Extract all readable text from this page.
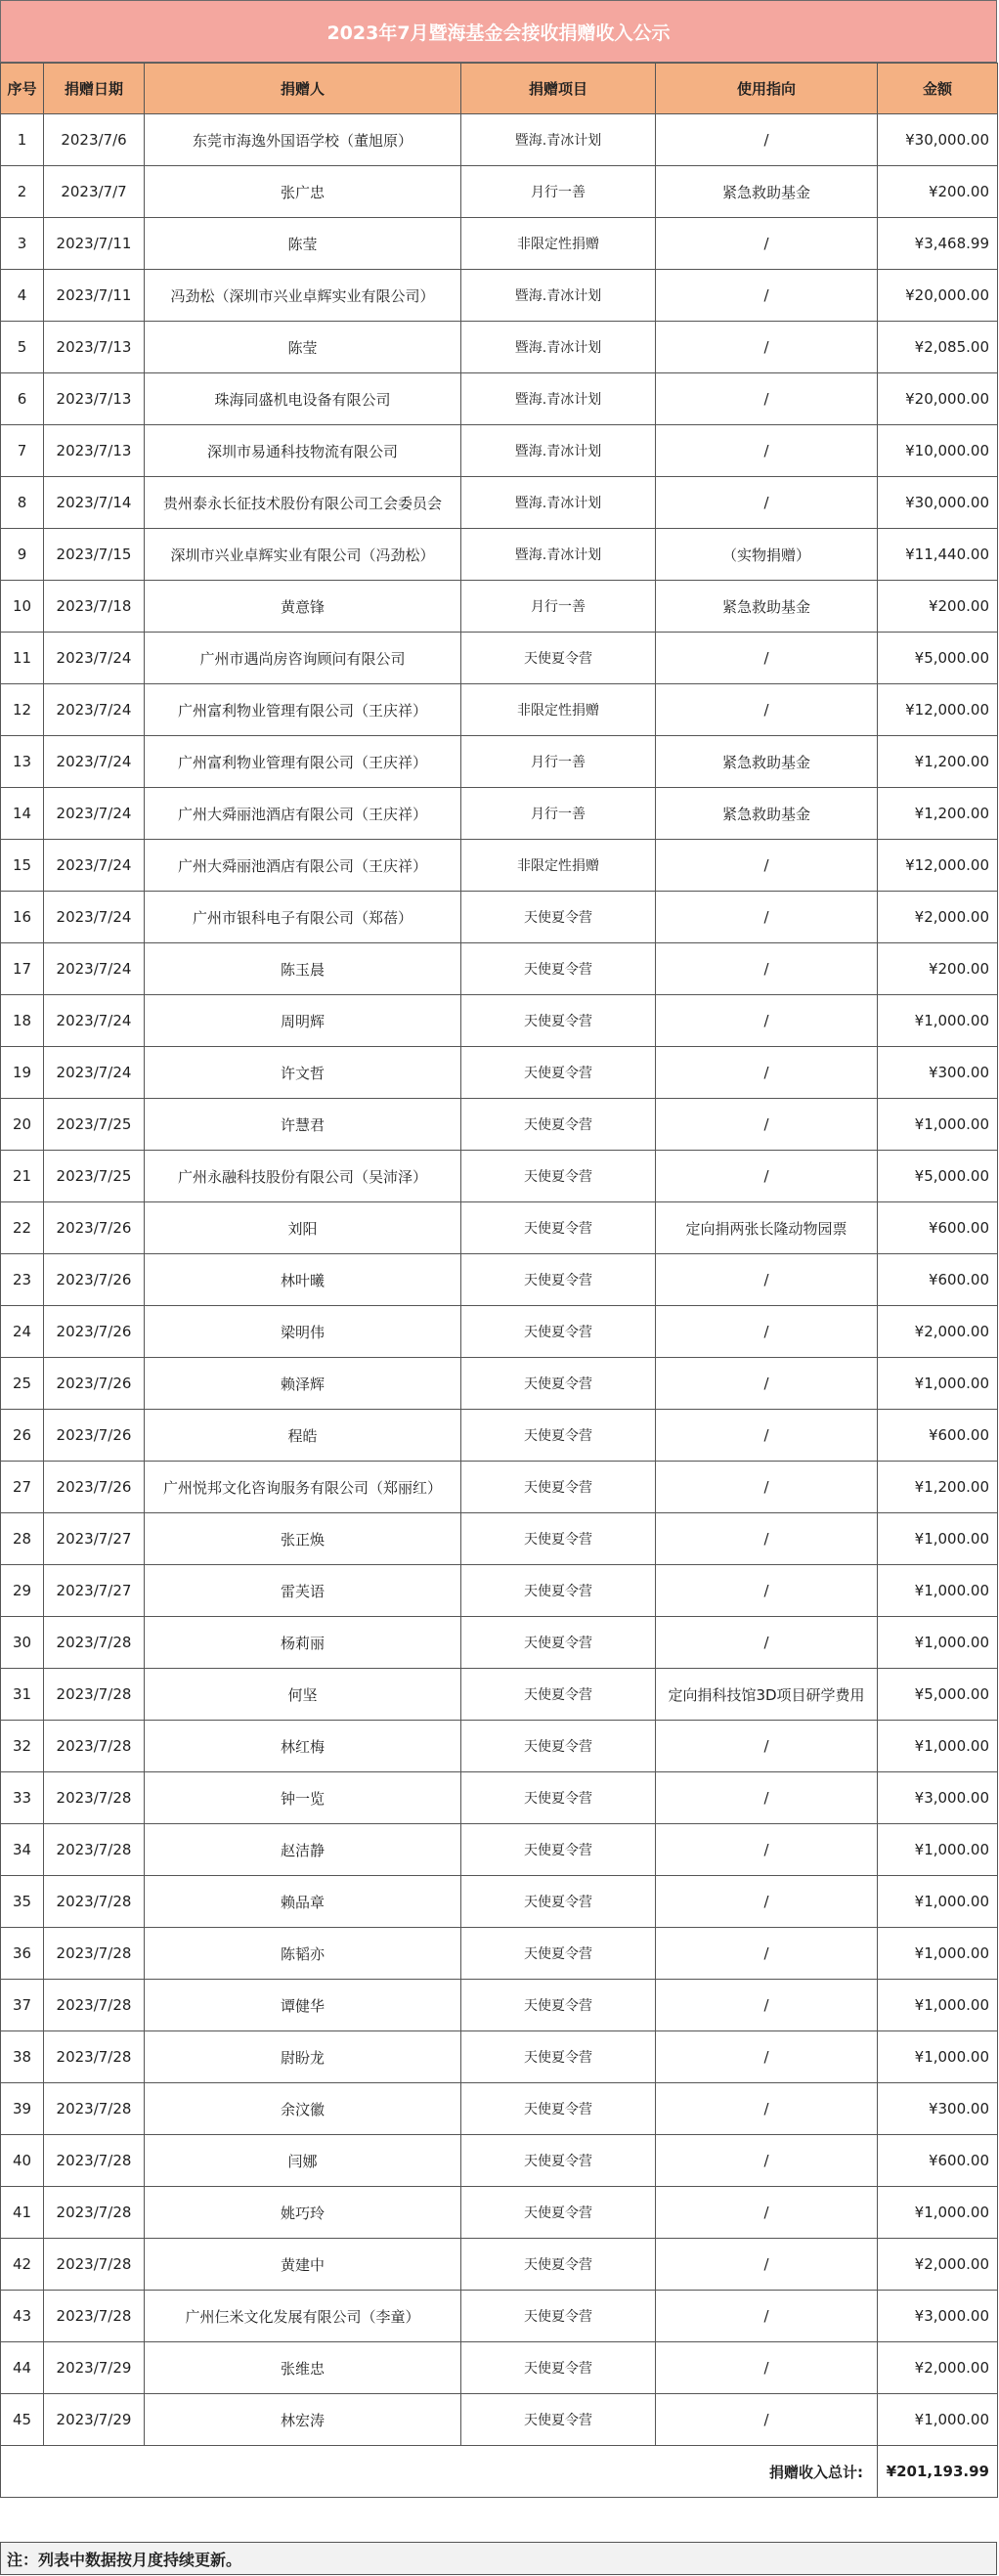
2023年7月暨海基金会接收捐赠收入公示
序号	捐赠日期	捐赠人	捐赠项目	使用指向	金额
1	2023/7/6	东莞市海逸外国语学校（董旭原）	暨海.青冰计划	/	¥30,000.00
2	2023/7/7	张广忠	月行一善	紧急救助基金	¥200.00
3	2023/7/11	陈莹	非限定性捐赠	/	¥3,468.99
4	2023/7/11	冯劲松（深圳市兴业卓辉实业有限公司）	暨海.青冰计划	/	¥20,000.00
5	2023/7/13	陈莹	暨海.青冰计划	/	¥2,085.00
6	2023/7/13	珠海同盛机电设备有限公司	暨海.青冰计划	/	¥20,000.00
7	2023/7/13	深圳市易通科技物流有限公司	暨海.青冰计划	/	¥10,000.00
8	2023/7/14	贵州泰永长征技术股份有限公司工会委员会	暨海.青冰计划	/	¥30,000.00
9	2023/7/15	深圳市兴业卓辉实业有限公司（冯劲松）	暨海.青冰计划	（实物捐赠）	¥11,440.00
10	2023/7/18	黄意锋	月行一善	紧急救助基金	¥200.00
11	2023/7/24	广州市遇尚房咨询顾问有限公司	天使夏令营	/	¥5,000.00
12	2023/7/24	广州富利物业管理有限公司（王庆祥）	非限定性捐赠	/	¥12,000.00
13	2023/7/24	广州富利物业管理有限公司（王庆祥）	月行一善	紧急救助基金	¥1,200.00
14	2023/7/24	广州大舜丽池酒店有限公司（王庆祥）	月行一善	紧急救助基金	¥1,200.00
15	2023/7/24	广州大舜丽池酒店有限公司（王庆祥）	非限定性捐赠	/	¥12,000.00
16	2023/7/24	广州市银科电子有限公司（郑蓓）	天使夏令营	/	¥2,000.00
17	2023/7/24	陈玉晨	天使夏令营	/	¥200.00
18	2023/7/24	周明辉	天使夏令营	/	¥1,000.00
19	2023/7/24	许文哲	天使夏令营	/	¥300.00
20	2023/7/25	许慧君	天使夏令营	/	¥1,000.00
21	2023/7/25	广州永融科技股份有限公司（吴沛泽）	天使夏令营	/	¥5,000.00
22	2023/7/26	刘阳	天使夏令营	定向捐两张长隆动物园票	¥600.00
23	2023/7/26	林叶曦	天使夏令营	/	¥600.00
24	2023/7/26	梁明伟	天使夏令营	/	¥2,000.00
25	2023/7/26	赖泽辉	天使夏令营	/	¥1,000.00
26	2023/7/26	程皓	天使夏令营	/	¥600.00
27	2023/7/26	广州悦邦文化咨询服务有限公司（郑丽红）	天使夏令营	/	¥1,200.00
28	2023/7/27	张正焕	天使夏令营	/	¥1,000.00
29	2023/7/27	雷芙语	天使夏令营	/	¥1,000.00
30	2023/7/28	杨莉丽	天使夏令营	/	¥1,000.00
31	2023/7/28	何坚	天使夏令营	定向捐科技馆3D项目研学费用	¥5,000.00
32	2023/7/28	林红梅	天使夏令营	/	¥1,000.00
33	2023/7/28	钟一览	天使夏令营	/	¥3,000.00
34	2023/7/28	赵洁静	天使夏令营	/	¥1,000.00
35	2023/7/28	赖品章	天使夏令营	/	¥1,000.00
36	2023/7/28	陈韬亦	天使夏令营	/	¥1,000.00
37	2023/7/28	谭健华	天使夏令营	/	¥1,000.00
38	2023/7/28	尉盼龙	天使夏令营	/	¥1,000.00
39	2023/7/28	余汶徽	天使夏令营	/	¥300.00
40	2023/7/28	闫娜	天使夏令营	/	¥600.00
41	2023/7/28	姚巧玲	天使夏令营	/	¥1,000.00
42	2023/7/28	黄建中	天使夏令营	/	¥2,000.00
43	2023/7/28	广州仨米文化发展有限公司（李童）	天使夏令营	/	¥3,000.00
44	2023/7/29	张维忠	天使夏令营	/	¥2,000.00
45	2023/7/29	林宏涛	天使夏令营	/	¥1,000.00
捐赠收入总计:					¥201,193.99
注：列表中数据按月度持续更新。
